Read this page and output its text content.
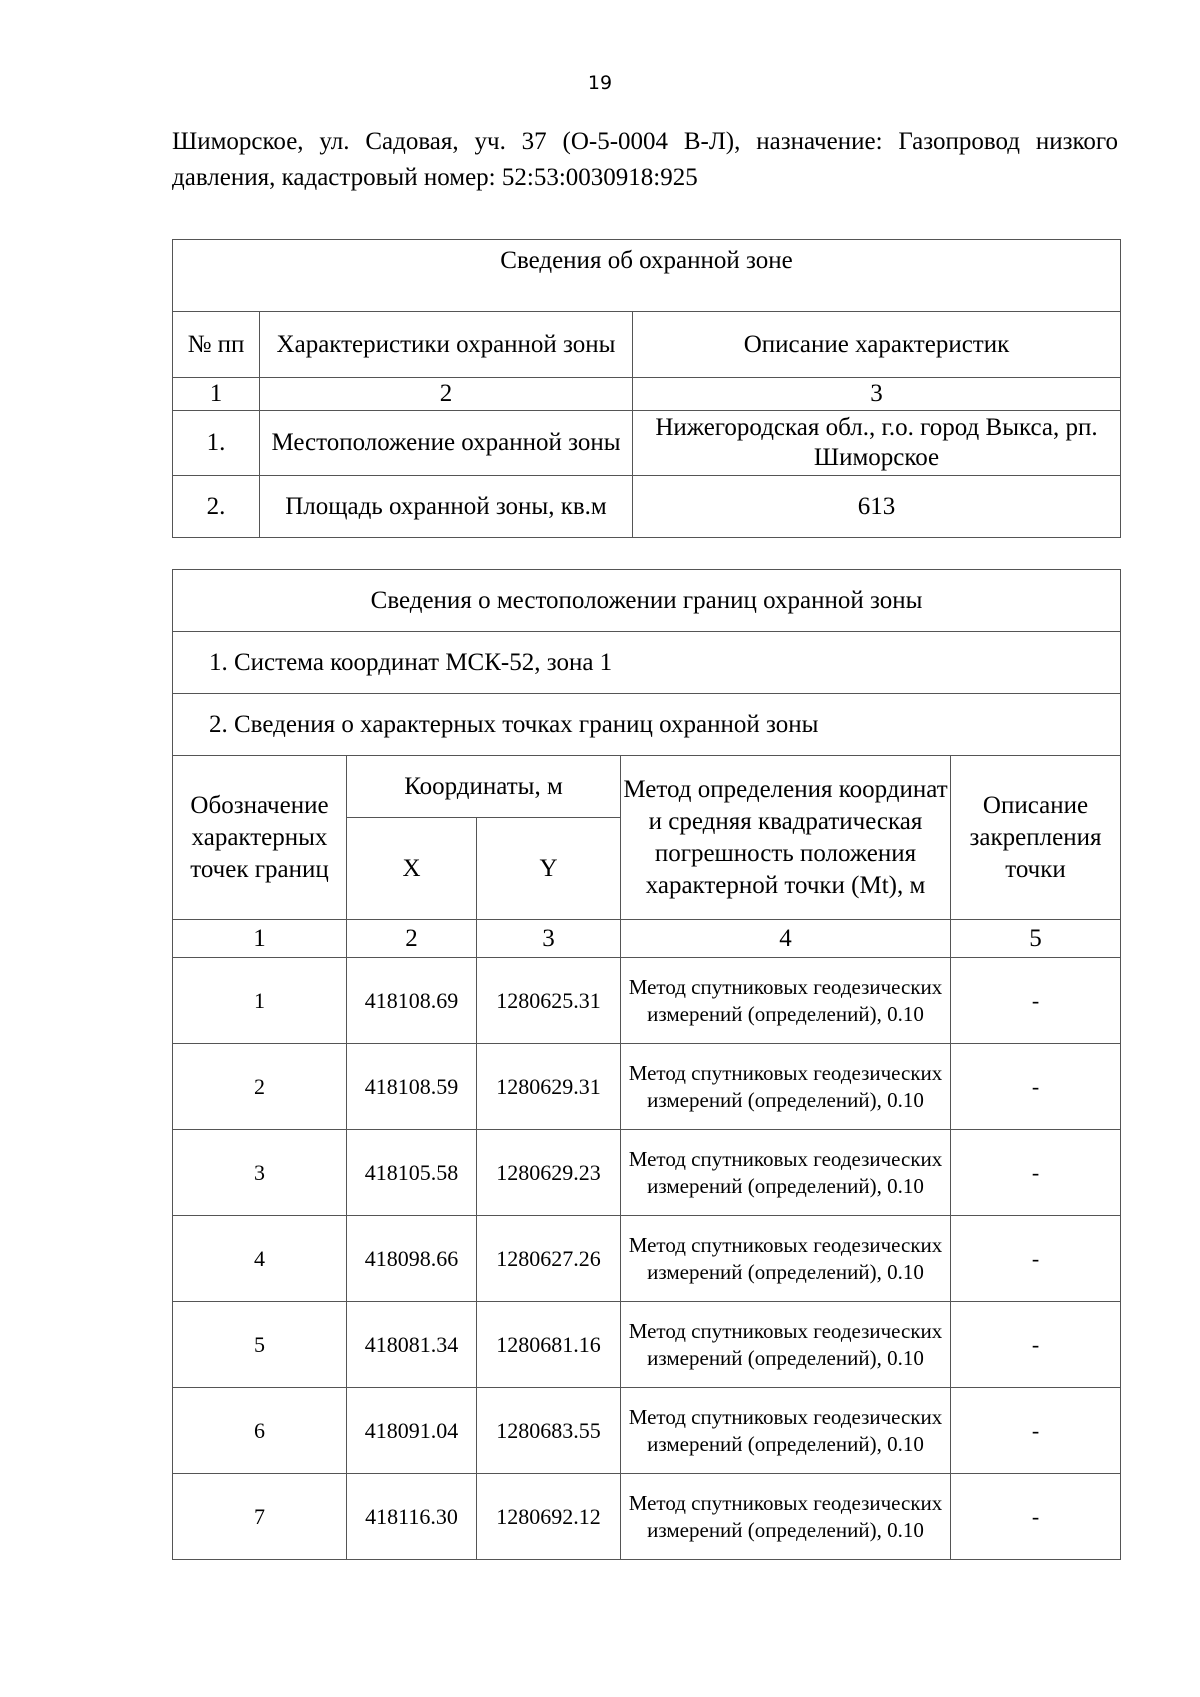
19
Шиморское, ул. Садовая, уч. 37 (О-5-0004 В-Л), назначение: Газопровод низкого давления, кадастровый номер: 52:53:0030918:925
Сведения об охранной зоне		
№ пп	Характеристики охранной зоны	Описание характеристик
1	2	3
1.	Местоположение охранной зоны	Нижегородская обл., г.о. город Выкса, рп. Шиморское
2.	Площадь охранной зоны, кв.м	613
Сведения о местоположении границ охранной зоны				
1. Система координат МСК-52, зона 1				
2. Сведения о характерных точках границ охранной зоны				
Обозначение характерных точек границ	Координаты, м		Метод определения координат и средняя квадратическая погрешность положения характерной точки (Mt), м	Описание закрепления точки
	X	Y		
1	2	3	4	5
1	418108.69	1280625.31	Метод спутниковых геодезических измерений (определений), 0.10	-
2	418108.59	1280629.31	Метод спутниковых геодезических измерений (определений), 0.10	-
3	418105.58	1280629.23	Метод спутниковых геодезических измерений (определений), 0.10	-
4	418098.66	1280627.26	Метод спутниковых геодезических измерений (определений), 0.10	-
5	418081.34	1280681.16	Метод спутниковых геодезических измерений (определений), 0.10	-
6	418091.04	1280683.55	Метод спутниковых геодезических измерений (определений), 0.10	-
7	418116.30	1280692.12	Метод спутниковых геодезических измерений (определений), 0.10	-
